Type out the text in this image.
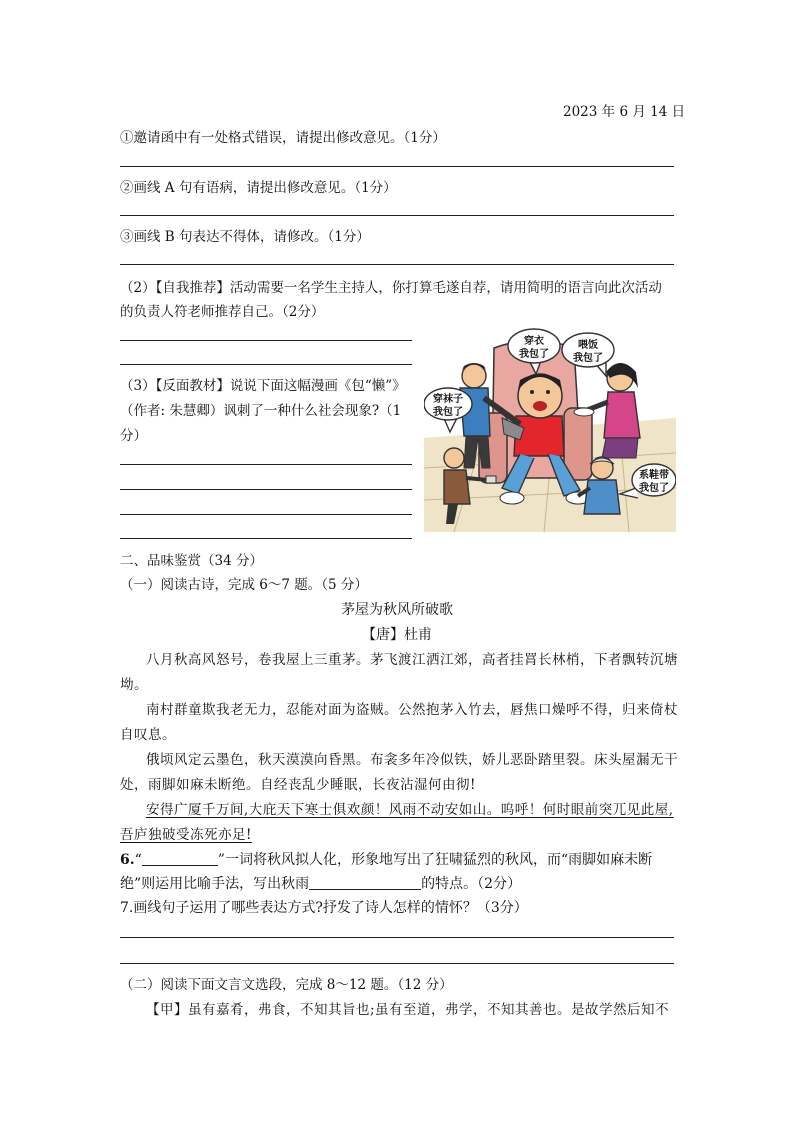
2023 年 6 月 14 日
①邀请函中有一处格式错误，请提出修改意见。（1分）
②画线 A 句有语病，请提出修改意见。（1分）
③画线 B 句表达不得体，请修改。（1分）
（2）【自我推荐】活动需要一名学生主持人，你打算毛遂自荐，请用简明的语言向此次活动
的负责人符老师推荐自己。（2分）
（3）【反面教材】说说下面这幅漫画《包“懒”》
（作者: 朱慧卿）讽刺了一种什么社会现象?（1
分）
穿衣
我包了
喂饭
我包了
穿袜子
我包了
系鞋带
我包了
二、品味鉴赏（34 分）
（一）阅读古诗，完成 6～7 题。（5 分）
茅屋为秋风所破歌
【唐】杜甫
八月秋高风怒号，卷我屋上三重茅。茅飞渡江洒江郊，高者挂罥长林梢，下者飘转沉塘
坳。
南村群童欺我老无力，忍能对面为盗贼。公然抱茅入竹去，唇焦口燥呼不得，归来倚杖
自叹息。
俄顷风定云墨色，秋天漠漠向昏黑。布衾多年冷似铁，娇儿恶卧踏里裂。床头屋漏无干
处，雨脚如麻未断绝。自经丧乱少睡眠，长夜沾湿何由彻!
安得广厦千万间,大庇天下寒士俱欢颜！风雨不动安如山。呜呼！何时眼前突兀见此屋,
吾庐独破受冻死亦足!
6.“	”一词将秋风拟人化，形象地写出了狂啸猛烈的秋风，而“雨脚如麻未断
绝”则运用比喻手法，写出秋雨	的特点。（2分）
7.画线句子运用了哪些表达方式?抒发了诗人怎样的情怀？（3分）
（二）阅读下面文言文选段，完成 8～12 题。（12 分）
【甲】虽有嘉肴，弗食，不知其旨也;虽有至道，弗学，不知其善也。是故学然后知不
